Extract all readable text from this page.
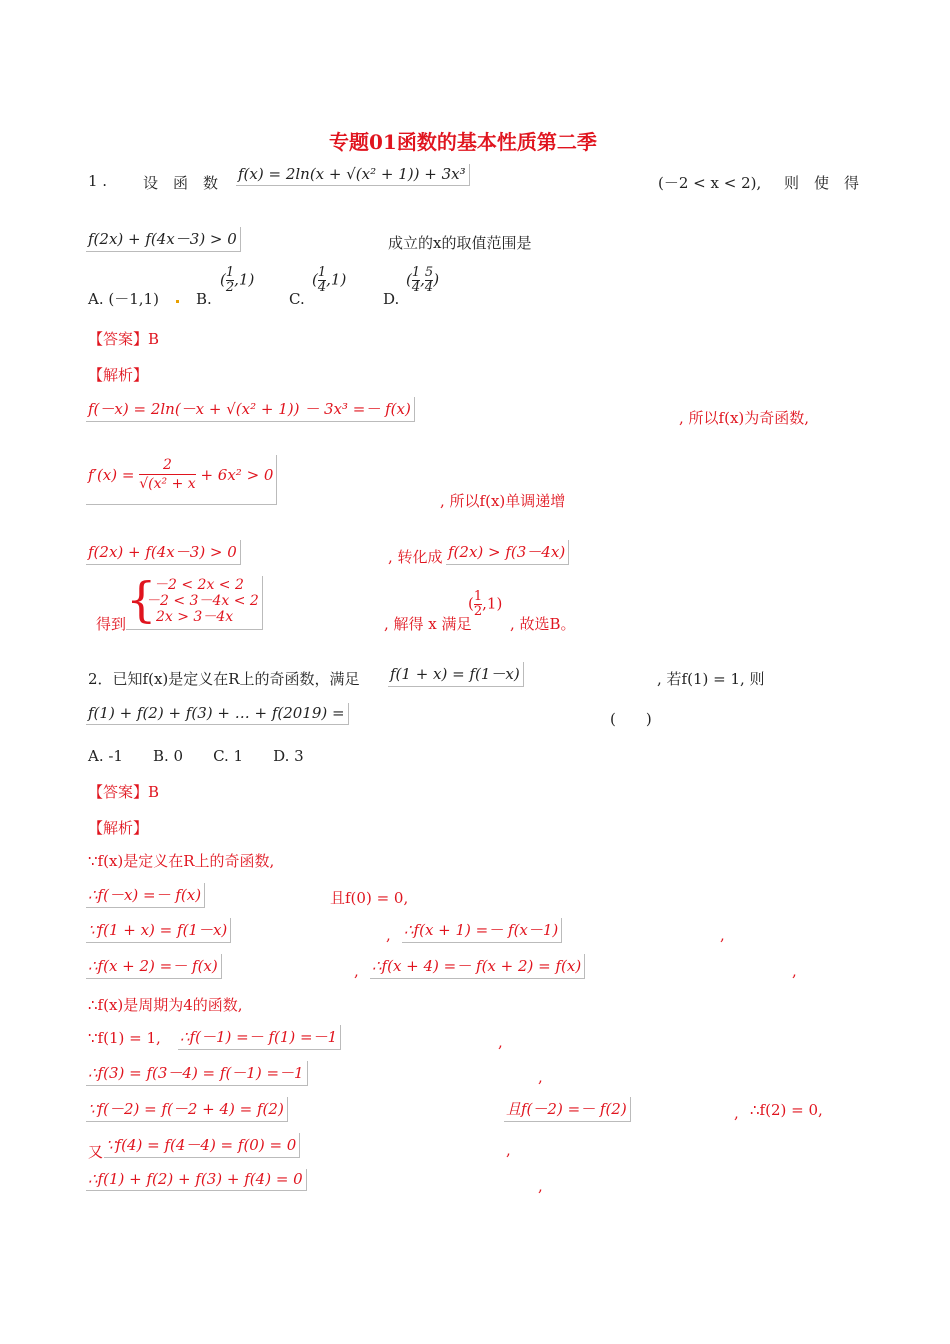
专题01函数的基本性质第二季
1 . 设　函　数 f(x) = 2ln(x + √(x² + 1)) + 3x³	(－2 < x < 2), 则　使　得
f(2x) + f(4x－3) > 0	成立的x的取值范围是
A. (－1,1) B.
( $\frac{1}{2} ,1$)
C.
( $\frac{1}{4} ,1$)
D.
( $\frac{1}{4}$ , $\frac{5}{4}$ )
【答案】B
【解析】
f(－x) = 2ln(－x + √(x² + 1)) － 3x³ =－ f(x)	, 所以f(x)为奇函数,
$f'(x) = \frac{2}{\text{√(x² + x}} + 6x^2 > 0$
, 所以f(x)单调递增
f(2x) + f(4x－3) > 0	, 转化成 f(2x) > f(3－4x)
得到 {
－2 < 2x < 2
－2 < 3－4x < 2
2x > 3－4x	, 解得 x 满足
( $\frac{1}{2} ,1$)
, 故选B。
2．已知f(x)是定义在R上的奇函数，满足 f(1 + x) = f(1－x)	, 若f(1) = 1, 则
f(1) + f(2) + f(3) + … + f(2019) =	(　　)
A. -1　　B. 0　　C. 1　　D. 3
【答案】B
【解析】
∵f(x)是定义在R上的奇函数,
∴f(－x) =－ f(x)	且f(0) = 0,
∵f(1 + x) = f(1－x)	, ∴f(x + 1) =－ f(x－1)	,
∴f(x + 2) =－ f(x)	, ∴f(x + 4) =－ f(x + 2) = f(x)	,
∴f(x)是周期为4的函数,
∵f(1) = 1, ∴f(－1) =－ f(1) =－1	,
∴f(3) = f(3－4) = f(－1) =－1	,
∵f(－2) = f(－2 + 4) = f(2)	且f(－2) =－ f(2)	, ∴f(2) = 0,
又 ∵f(4) = f(4－4) = f(0) = 0	,
∴f(1) + f(2) + f(3) + f(4) = 0	,
